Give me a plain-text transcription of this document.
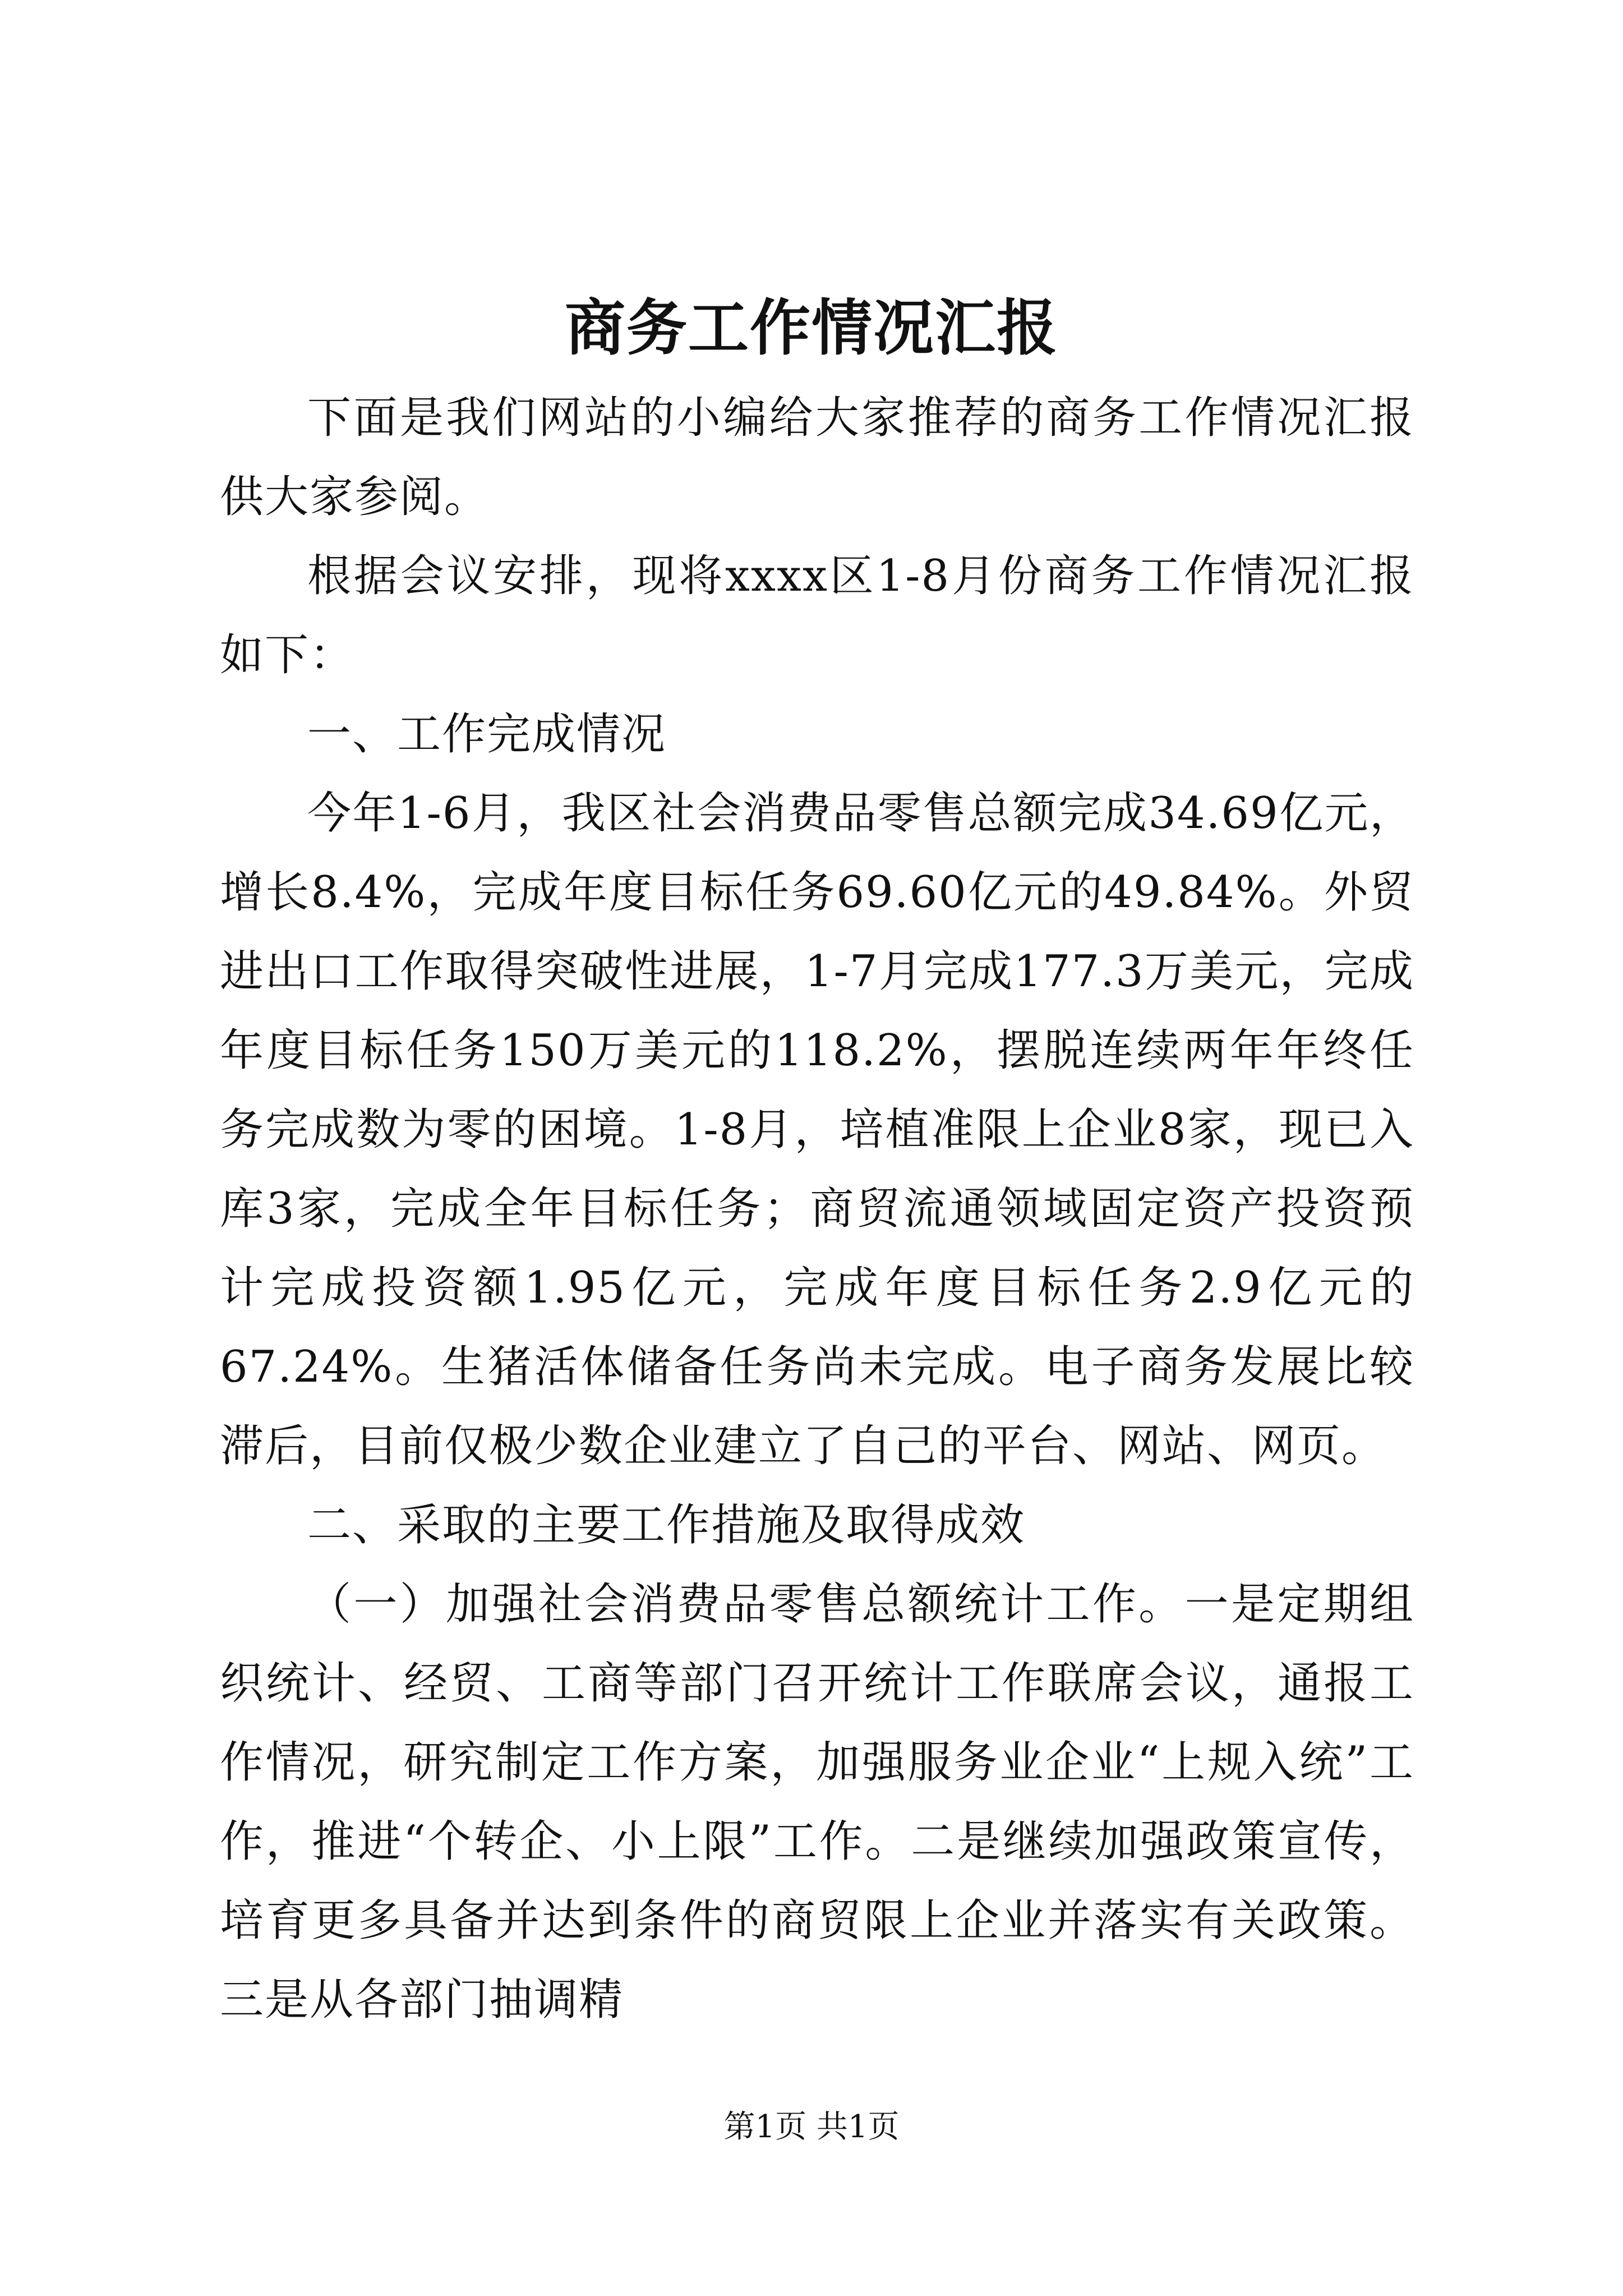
商务工作情况汇报

下面是我们网站的小编给大家推荐的商务工作情况汇报供大家参阅。

根据会议安排，现将xxxx区1-8月份商务工作情况汇报如下：

一、工作完成情况

今年1-6月，我区社会消费品零售总额完成34.69亿元，增长8.4%，完成年度目标任务69.60亿元的49.84%。外贸进出口工作取得突破性进展，1-7月完成177.3万美元，完成年度目标任务150万美元的118.2%，摆脱连续两年年终任务完成数为零的困境。1-8月，培植准限上企业8家，现已入库3家，完成全年目标任务；商贸流通领域固定资产投资预计完成投资额1.95亿元，完成年度目标任务2.9亿元的67.24%。生猪活体储备任务尚未完成。电子商务发展比较滞后，目前仅极少数企业建立了自己的平台、网站、网页。

二、采取的主要工作措施及取得成效

（一）加强社会消费品零售总额统计工作。一是定期组织统计、经贸、工商等部门召开统计工作联席会议，通报工作情况，研究制定工作方案，加强服务业企业“上规入统”工作，推进“个转企、小上限”工作。二是继续加强政策宣传，培育更多具备并达到条件的商贸限上企业并落实有关政策。三是从各部门抽调精

第1页 共1页
